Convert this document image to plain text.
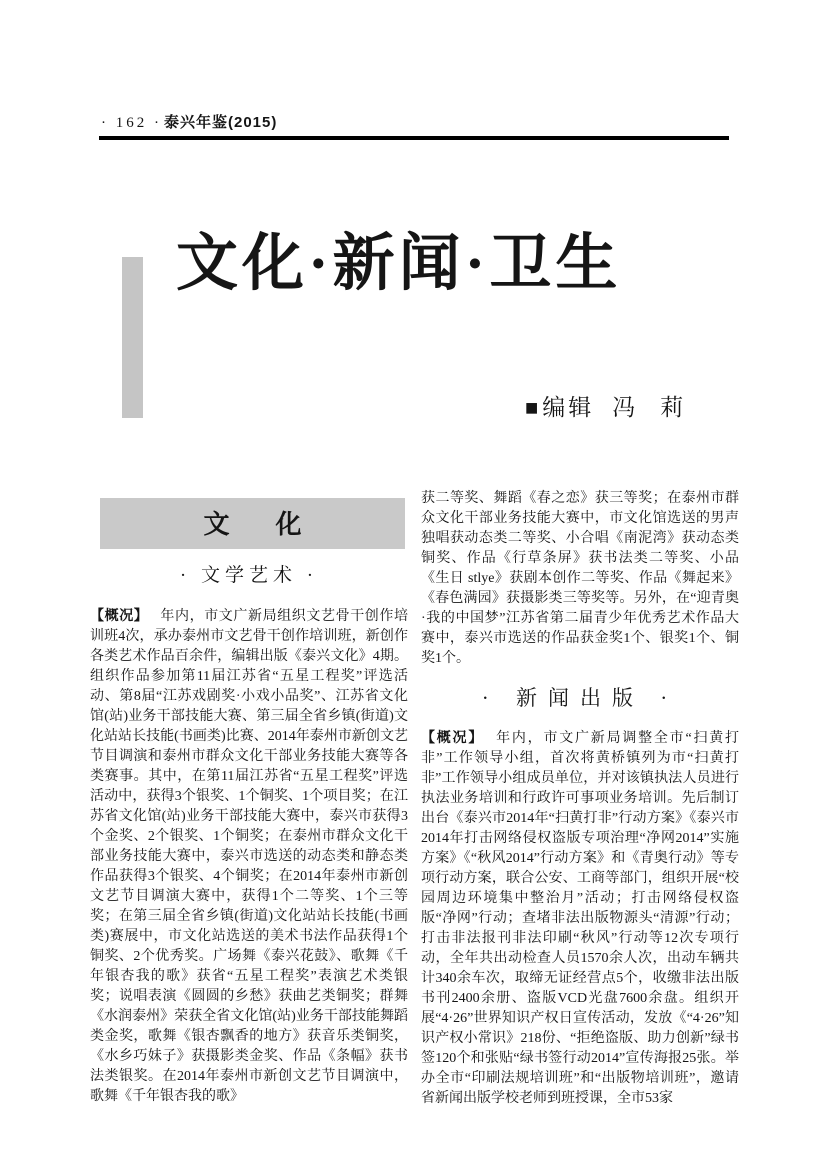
· 162 · 泰兴年鉴(2015)
文化·新闻·卫生
■ 编辑 冯　莉
文化
· 文学艺术 ·

【概况】 年内，市文广新局组织文艺骨干创作培训班4次，承办泰州市文艺骨干创作培训班，新创作各类艺术作品百余件，编辑出版《泰兴文化》4期。组织作品参加第11届江苏省“五星工程奖”评选活动、第8届“江苏戏剧奖·小戏小品奖”、江苏省文化馆(站)业务干部技能大赛、第三届全省乡镇(街道)文化站站长技能(书画类)比赛、2014年泰州市新创文艺节目调演和泰州市群众文化干部业务技能大赛等各类赛事。其中，在第11届江苏省“五星工程奖”评选活动中，获得3个银奖、1个铜奖、1个项目奖；在江苏省文化馆(站)业务干部技能大赛中，泰兴市获得3个金奖、2个银奖、1个铜奖；在泰州市群众文化干部业务技能大赛中，泰兴市选送的动态类和静态类作品获得3个银奖、4个铜奖；在2014年泰州市新创文艺节目调演大赛中，获得1个二等奖、1个三等奖；在第三届全省乡镇(街道)文化站站长技能(书画类)赛展中，市文化站选送的美术书法作品获得1个铜奖、2个优秀奖。广场舞《泰兴花鼓》、歌舞《千年银杏我的歌》获省“五星工程奖”表演艺术类银奖；说唱表演《圆圆的乡愁》获曲艺类铜奖；群舞《水润泰州》荣获全省文化馆(站)业务干部技能舞蹈类金奖，歌舞《银杏飘香的地方》获音乐类铜奖，《水乡巧妹子》获摄影类金奖、作品《条幅》获书法类银奖。在2014年泰州市新创文艺节目调演中，歌舞《千年银杏我的歌》

获二等奖、舞蹈《春之恋》获三等奖；在泰州市群众文化干部业务技能大赛中，市文化馆选送的男声独唱获动态类二等奖、小合唱《南泥湾》获动态类铜奖、作品《行草条屏》获书法类二等奖、小品《生日 stlye》获剧本创作二等奖、作品《舞起来》《春色满园》获摄影类三等奖等。另外，在“迎青奥·我的中国梦”江苏省第二届青少年优秀艺术作品大赛中，泰兴市选送的作品获金奖1个、银奖1个、铜奖1个。

· 新闻出版 ·

【概况】 年内，市文广新局调整全市“扫黄打非”工作领导小组，首次将黄桥镇列为市“扫黄打非”工作领导小组成员单位，并对该镇执法人员进行执法业务培训和行政许可事项业务培训。先后制订出台《泰兴市2014年“扫黄打非”行动方案》《泰兴市2014年打击网络侵权盗版专项治理“净网2014”实施方案》《“秋风2014”行动方案》和《青奥行动》等专项行动方案，联合公安、工商等部门，组织开展“校园周边环境集中整治月”活动；打击网络侵权盗版“净网”行动；查堵非法出版物源头“清源”行动；打击非法报刊非法印刷“秋风”行动等12次专项行动，全年共出动检查人员1570余人次，出动车辆共计340余车次，取缔无证经营点5个，收缴非法出版书刊2400余册、盗版VCD光盘7600余盘。组织开展“4·26”世界知识产权日宣传活动，发放《“4·26”知识产权小常识》218份、“拒绝盗版、助力创新”绿书签120个和张贴“绿书签行动2014”宣传海报25张。举办全市“印刷法规培训班”和“出版物培训班”，邀请省新闻出版学校老师到班授课，全市53家
